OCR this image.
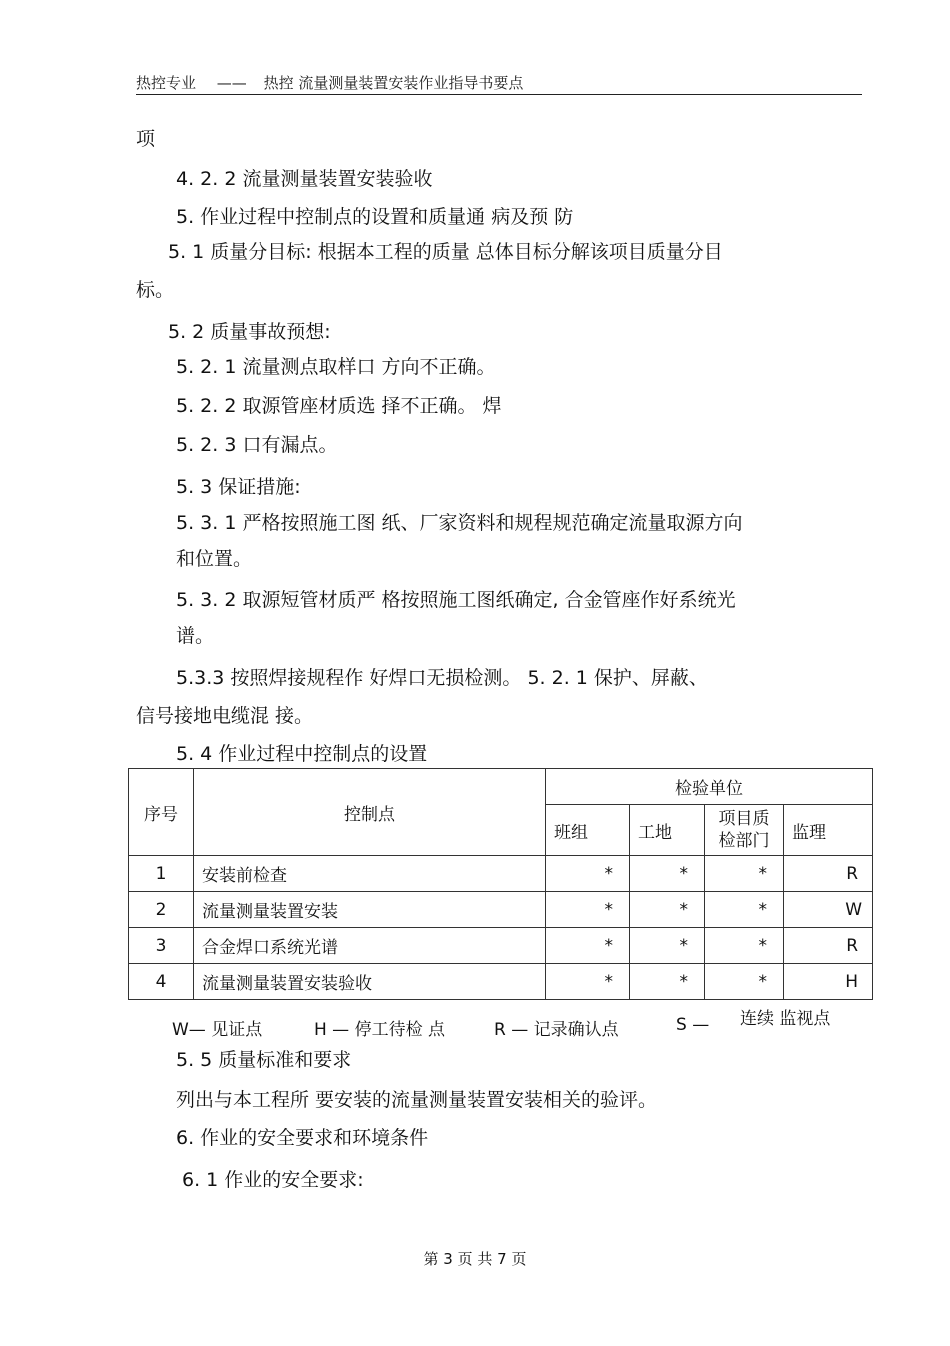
热控专业 —— 热控 流量测量装置安装作业指导书要点
项
4. 2. 2 流量测量装置安装验收
5. 作业过程中控制点的设置和质量通 病及预 防
5. 1 质量分目标: 根据本工程的质量 总体目标分解该项目质量分目
标。
5. 2 质量事故预想:
5. 2. 1 流量测点取样口 方向不正确。
5. 2. 2 取源管座材质选 择不正确。 焊
5. 2. 3 口有漏点。
5. 3 保证措施:
5. 3. 1 严格按照施工图 纸、厂家资料和规程规范确定流量取源方向
和位置。
5. 3. 2 取源短管材质严 格按照施工图纸确定, 合金管座作好系统光
谱。
5.3.3 按照焊接规程作 好焊口无损检测。 5. 2. 1 保护、屏蔽、
信号接地电缆混 接。
5. 4 作业过程中控制点的设置
序号	控制点	检验单位			
		班组	工地	项目质检部门	监理
1	安装前检查	*	*	*	R
2	流量测量装置安装	*	*	*	W
3	合金焊口系统光谱	*	*	*	R
4	流量测量装置安装验收	*	*	*	H
W— 见证点	H — 停工待检 点	R — 记录确认点	S — 连续 监视点
5. 5 质量标准和要求
列出与本工程所 要安装的流量测量装置安装相关的验评。
6. 作业的安全要求和环境条件
6. 1 作业的安全要求:
第 3 页 共 7 页
